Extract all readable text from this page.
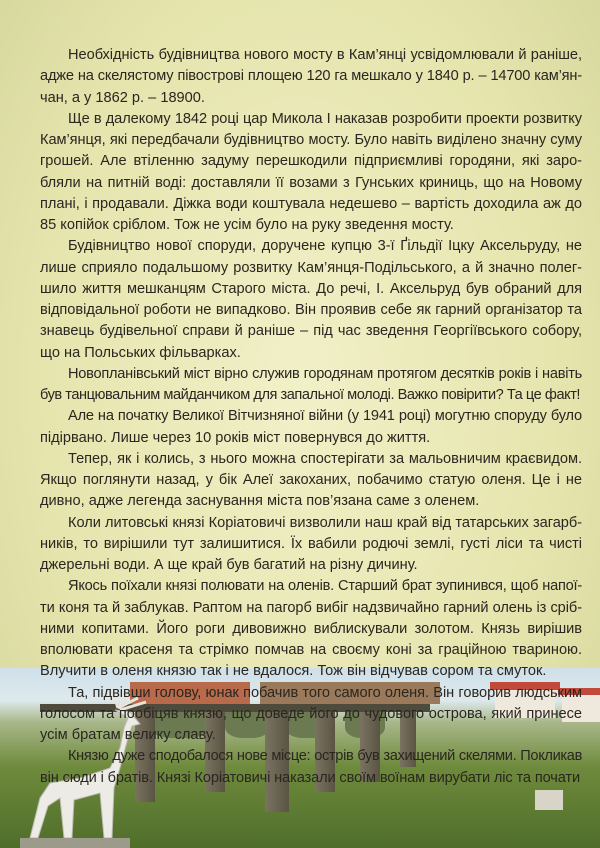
Необхідність будівництва нового мосту в Кам’янці усвідомлювали й раніше,
адже на скелястому півострові площею 120 га мешкало у 1840 р. – 14700 кам’ян-
чан, а у 1862 р. – 18900.
Ще в далекому 1842 році цар Микола I наказав розробити проекти розвитку
Кам’янця, які передбачали будівництво мосту. Було навіть виділено значну суму
грошей. Але втіленню задуму перешкодили підприємливі городяни, які заро-
бляли на питній воді: доставляли її возами з Гунських криниць, що на Новому
плані, і продавали. Діжка води коштувала недешево – вартість доходила аж до
85 копійок сріблом. Тож не усім було на руку зведення мосту.
Будівництво нової споруди, доручене купцю 3-ї Ґільдії Іцку Аксельруду, не
лише сприяло подальшому розвитку Кам’янця-Подільського, а й значно полег-
шило життя мешканцям Старого міста. До речі, І. Аксельруд був обраний для
відповідальної роботи не випадково. Він проявив себе як гарний організатор та
знавець будівельної справи й раніше – під час зведення Георгіївського собору,
що на Польських фільварках.
Новопланівський міст вірно служив городянам протягом десятків років і навіть
був танцювальним майданчиком для запальної молоді. Важко повірити? Та це факт!
Але на початку Великої Вітчизняної війни (у 1941 році) могутню споруду було
підірвано. Лише через 10 років міст повернувся до життя.
Тепер, як і колись, з нього можна спостерігати за мальовничим краєвидом.
Якщо поглянути назад, у бік Алеї закоханих, побачимо статую оленя. Це і не
дивно, адже легенда заснування міста пов’язана саме з оленем.
Коли литовські князі Коріатовичі визволили наш край від татарських загарб-
ників, то вирішили тут залишитися. Їх вабили родючі землі, густі ліси та чисті
джерельні води. А ще край був багатий на різну дичину.
Якось поїхали князі полювати на оленів. Старший брат зупинився, щоб напої-
ти коня та й заблукав. Раптом на пагорб вибіг надзвичайно гарний олень із сріб-
ними копитами. Його роги дивовижно виблискували золотом. Князь вирішив
вполювати красеня та стрімко помчав на своєму коні за граційною твариною.
Влучити в оленя князю так і не вдалося. Тож він відчував сором та смуток.
Та, підвівши голову, юнак побачив того самого оленя. Він говорив людським
голосом та пообіцяв князю, що доведе його до чудового острова, який принесе
усім братам велику славу.
Князю дуже сподобалося нове місце: острів був захищений скелями. Покликав
він сюди і братів. Князі Коріатовичі наказали своїм воїнам вирубати ліс та почати
